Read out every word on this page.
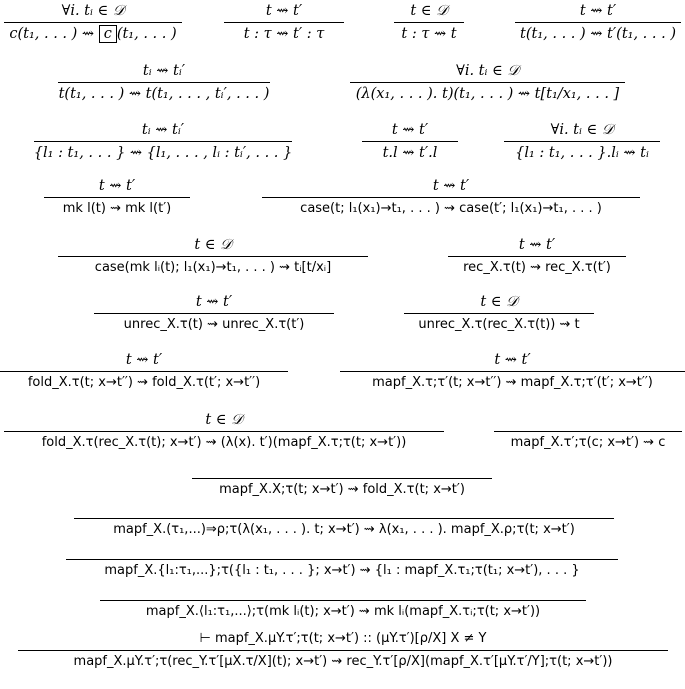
∀i. tᵢ ∈ 𝒟
c(t₁, . . . ) ⇝ c (t₁, . . . )
t ⇝ t′
t : τ ⇝ t′ : τ
t ∈ 𝒟
t : τ ⇝ t
t ⇝ t′
t(t₁, . . . ) ⇝ t′(t₁, . . . )
tᵢ ⇝ tᵢ′
t(t₁, . . . ) ⇝ t(t₁, . . . , tᵢ′, . . . )
∀i. tᵢ ∈ 𝒟
(λ(x₁, . . . ). t)(t₁, . . . ) ⇝ t[t₁/x₁, . . . ]
tᵢ ⇝ tᵢ′
{l₁ : t₁, . . . } ⇝ {l₁, . . . , lᵢ : tᵢ′, . . . }
t ⇝ t′
t.l ⇝ t′.l
∀i. tᵢ ∈ 𝒟
{l₁ : t₁, . . . }.lᵢ ⇝ tᵢ
t ⇝ t′
mk l(t) ⇝ mk l(t′)
t ⇝ t′
case(t; l₁(x₁)→t₁, . . . ) ⇝ case(t′; l₁(x₁)→t₁, . . . )
t ∈ 𝒟
case(mk lᵢ(t); l₁(x₁)→t₁, . . . ) ⇝ tᵢ[t/xᵢ]
t ⇝ t′
rec_X.τ(t) ⇝ rec_X.τ(t′)
t ⇝ t′
unrec_X.τ(t) ⇝ unrec_X.τ(t′)
t ∈ 𝒟
unrec_X.τ(rec_X.τ(t)) ⇝ t
t ⇝ t′
fold_X.τ(t; x→t′′) ⇝ fold_X.τ(t′; x→t′′)
t ⇝ t′
mapf_X.τ;τ′(t; x→t′′) ⇝ mapf_X.τ;τ′(t′; x→t′′)
t ∈ 𝒟
fold_X.τ(rec_X.τ(t); x→t′) ⇝ (λ(x). t′)(mapf_X.τ;τ(t; x→t′))	mapf_X.τ′;τ(c; x→t′) ⇝ c
mapf_X.X;τ(t; x→t′) ⇝ fold_X.τ(t; x→t′)
mapf_X.(τ₁,...)⇒ρ;τ(λ(x₁, . . . ). t; x→t′) ⇝ λ(x₁, . . . ). mapf_X.ρ;τ(t; x→t′)
mapf_X.{l₁:τ₁,...};τ({l₁ : t₁, . . . }; x→t′) ⇝ {l₁ : mapf_X.τ₁;τ(t₁; x→t′), . . . }
mapf_X.⟨l₁:τ₁,...⟩;τ(mk lᵢ(t); x→t′) ⇝ mk lᵢ(mapf_X.τᵢ;τ(t; x→t′))
⊢ mapf_X.μY.τ′;τ(t; x→t′) :: (μY.τ′)[ρ/X] X ≠ Y
mapf_X.μY.τ′;τ(rec_Y.τ′[μX.τ/X](t); x→t′) ⇝ rec_Y.τ′[ρ/X](mapf_X.τ′[μY.τ′/Y];τ(t; x→t′))
